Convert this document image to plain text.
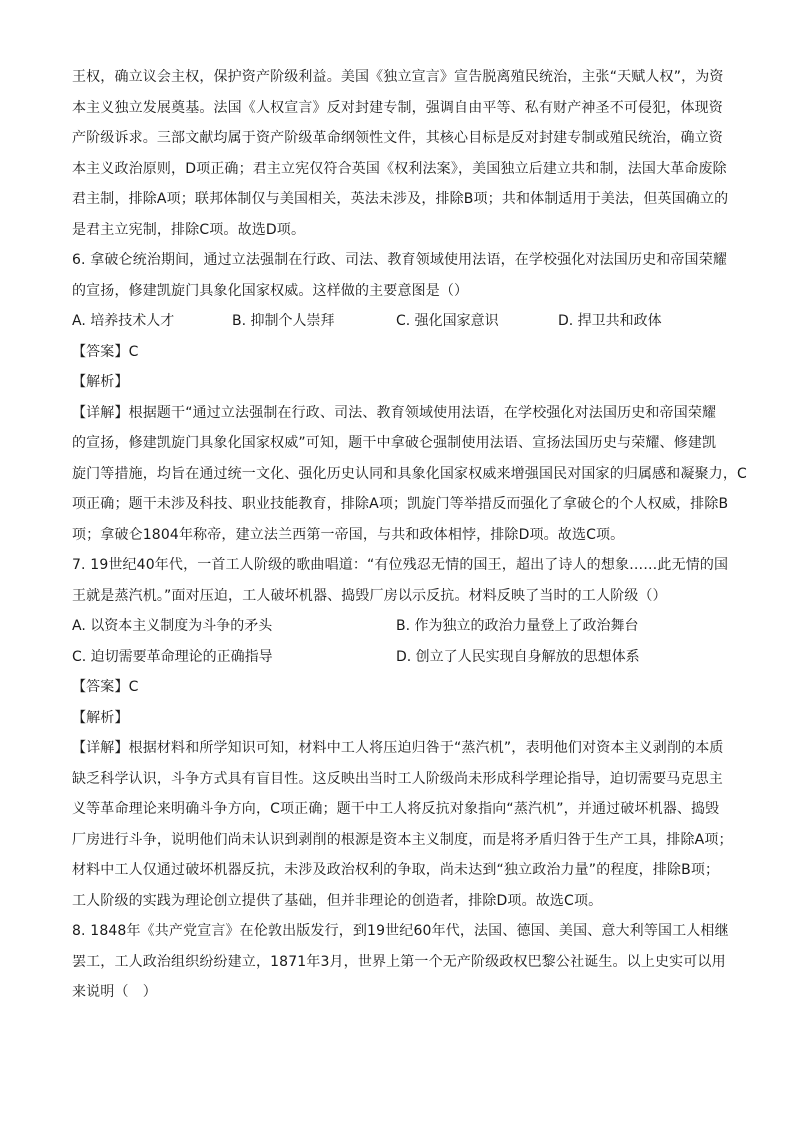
王权，确立议会主权，保护资产阶级利益。美国《独立宣言》宣告脱离殖民统治，主张“天赋人权”，为资
本主义独立发展奠基。法国《人权宣言》反对封建专制，强调自由平等、私有财产神圣不可侵犯，体现资
产阶级诉求。三部文献均属于资产阶级革命纲领性文件，其核心目标是反对封建专制或殖民统治，确立资
本主义政治原则，D项正确；君主立宪仅符合英国《权利法案》，美国独立后建立共和制，法国大革命废除
君主制，排除A项；联邦体制仅与美国相关，英法未涉及，排除B项；共和体制适用于美法，但英国确立的
是君主立宪制，排除C项。故选D项。
6. 拿破仑统治期间，通过立法强制在行政、司法、教育领域使用法语，在学校强化对法国历史和帝国荣耀
的宣扬，修建凯旋门具象化国家权威。这样做的主要意图是（）
A. 培养技术人才	B. 抑制个人崇拜	C. 强化国家意识	D. 捍卫共和政体
【答案】C
【解析】
【详解】根据题干“通过立法强制在行政、司法、教育领域使用法语，在学校强化对法国历史和帝国荣耀
的宣扬，修建凯旋门具象化国家权威”可知，题干中拿破仑强制使用法语、宣扬法国历史与荣耀、修建凯
旋门等措施，均旨在通过统一文化、强化历史认同和具象化国家权威来增强国民对国家的归属感和凝聚力，C
项正确；题干未涉及科技、职业技能教育，排除A项；凯旋门等举措反而强化了拿破仑的个人权威，排除B
项；拿破仑1804年称帝，建立法兰西第一帝国，与共和政体相悖，排除D项。故选C项。
7. 19世纪40年代，一首工人阶级的歌曲唱道：“有位残忍无情的国王，超出了诗人的想象……此无情的国
王就是蒸汽机。”面对压迫，工人破坏机器、捣毁厂房以示反抗。材料反映了当时的工人阶级（）
A. 以资本主义制度为斗争的矛头	B. 作为独立的政治力量登上了政治舞台
C. 迫切需要革命理论的正确指导	D. 创立了人民实现自身解放的思想体系
【答案】C
【解析】
【详解】根据材料和所学知识可知，材料中工人将压迫归咎于“蒸汽机”，表明他们对资本主义剥削的本质
缺乏科学认识，斗争方式具有盲目性。这反映出当时工人阶级尚未形成科学理论指导，迫切需要马克思主
义等革命理论来明确斗争方向，C项正确；题干中工人将反抗对象指向“蒸汽机”，并通过破坏机器、捣毁
厂房进行斗争，说明他们尚未认识到剥削的根源是资本主义制度，而是将矛盾归咎于生产工具，排除A项；
材料中工人仅通过破坏机器反抗，未涉及政治权利的争取，尚未达到“独立政治力量”的程度，排除B项；
工人阶级的实践为理论创立提供了基础，但并非理论的创造者，排除D项。故选C项。
8. 1848年《共产党宣言》在伦敦出版发行，到19世纪60年代，法国、德国、美国、意大利等国工人相继
罢工，工人政治组织纷纷建立，1871年3月，世界上第一个无产阶级政权巴黎公社诞生。以上史实可以用
来说明（　）
